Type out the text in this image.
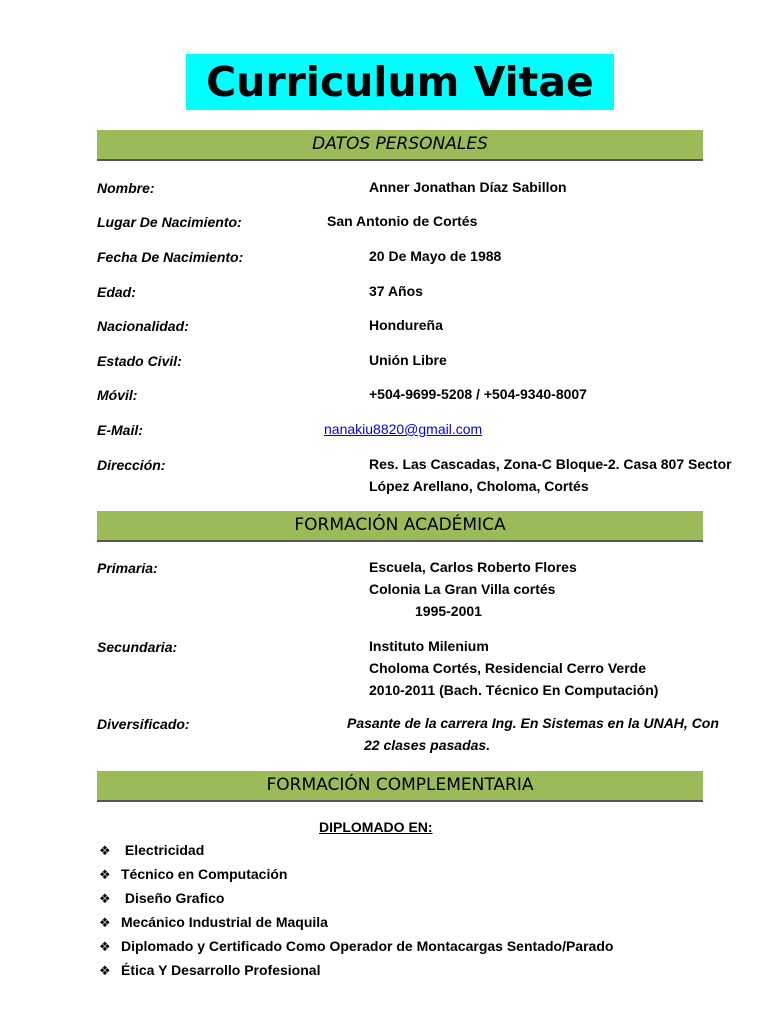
Curriculum Vitae
DATOS PERSONALES
Nombre:	Anner Jonathan Díaz Sabillon
Lugar De Nacimiento:	San Antonio de Cortés
Fecha De Nacimiento:	20 De Mayo de 1988
Edad:	37 Años
Nacionalidad:	Hondureña
Estado Civil:	Unión Libre
Móvil:	+504-9699-5208 / +504-9340-8007
E-Mail:	nanakiu8820@gmail.com
Dirección:	Res. Las Cascadas, Zona-C Bloque-2. Casa 807 Sector
López Arellano, Choloma, Cortés
FORMACIÓN ACADÉMICA
Primaria:	Escuela, Carlos Roberto Flores
Colonia La Gran Villa cortés
1995-2001
Secundaria:	Instituto Milenium
Choloma Cortés, Residencial Cerro Verde
2010-2011 (Bach. Técnico En Computación)
Diversificado:	Pasante de la carrera Ing. En Sistemas en la UNAH, Con
22 clases pasadas.
FORMACIÓN COMPLEMENTARIA
DIPLOMADO EN:
❖ Electricidad
❖ Técnico en Computación
❖ Diseño Grafico
❖ Mecánico Industrial de Maquila
❖ Diplomado y Certificado Como Operador de Montacargas Sentado/Parado
❖ Ética Y Desarrollo Profesional
